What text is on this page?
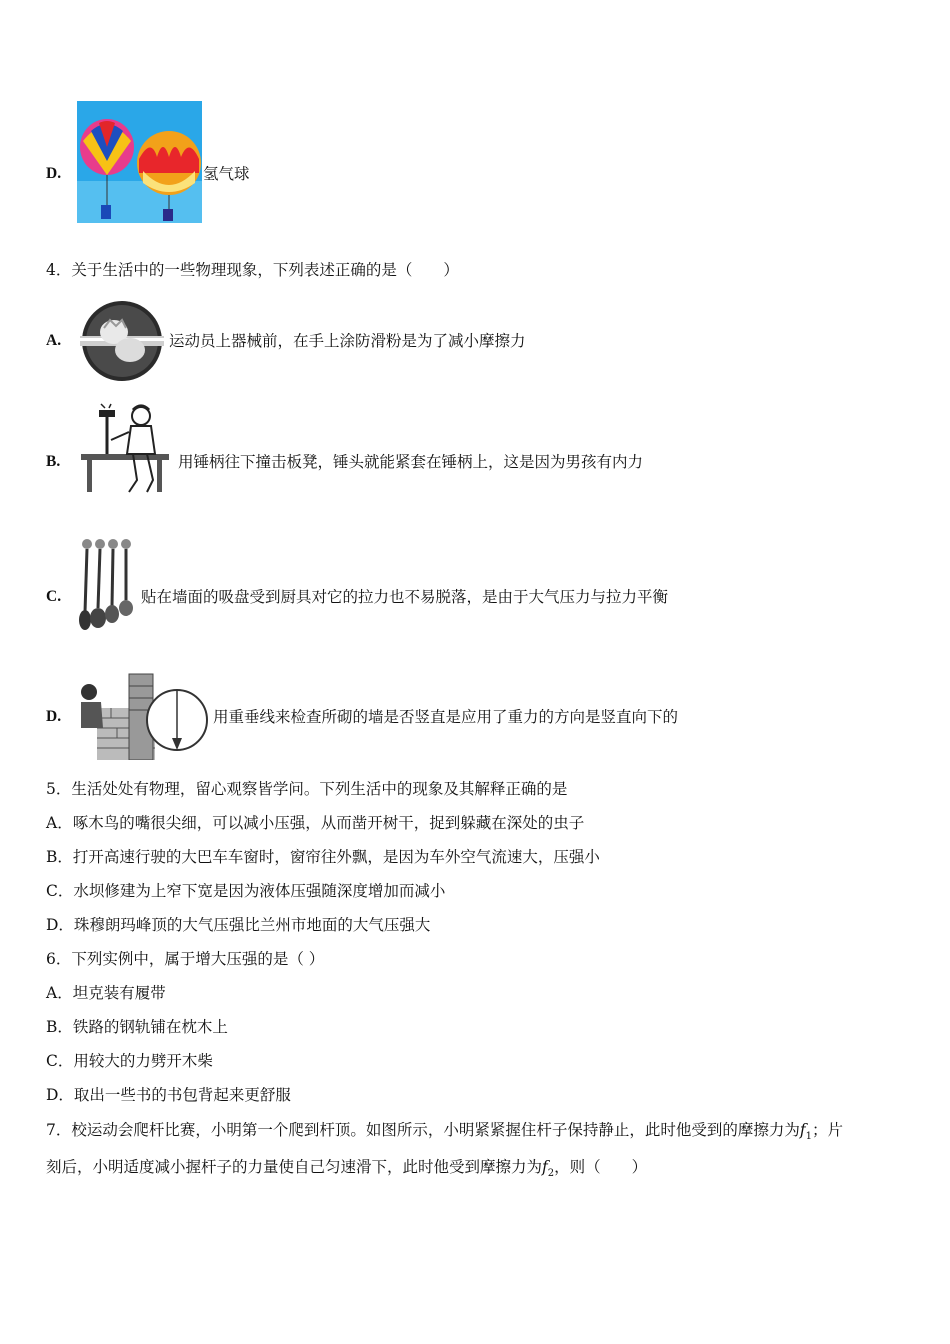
D.	氢气球
4．关于生活中的一些物理现象，下列表述正确的是（　　）
A.	运动员上器械前，在手上涂防滑粉是为了减小摩擦力
B.	用锤柄往下撞击板凳，锤头就能紧套在锤柄上，这是因为男孩有内力
C.	贴在墙面的吸盘受到厨具对它的拉力也不易脱落，是由于大气压力与拉力平衡
D.	用重垂线来检查所砌的墙是否竖直是应用了重力的方向是竖直向下的
5．生活处处有物理，留心观察皆学问。下列生活中的现象及其解释正确的是
A．啄木鸟的嘴很尖细，可以减小压强，从而凿开树干，捉到躲藏在深处的虫子
B．打开高速行驶的大巴车车窗时，窗帘往外飘，是因为车外空气流速大，压强小
C．水坝修建为上窄下宽是因为液体压强随深度增加而减小
D．珠穆朗玛峰顶的大气压强比兰州市地面的大气压强大
6．下列实例中，属于增大压强的是（ ）
A．坦克装有履带
B．铁路的钢轨铺在枕木上
C．用较大的力劈开木柴
D．取出一些书的书包背起来更舒服
7．校运动会爬杆比赛，小明第一个爬到杆顶。如图所示，小明紧紧握住杆子保持静止，此时他受到的摩擦力为$f_1$；片
刻后，小明适度减小握杆子的力量使自己匀速滑下，此时他受到摩擦力为$f_2$，则（　　）
